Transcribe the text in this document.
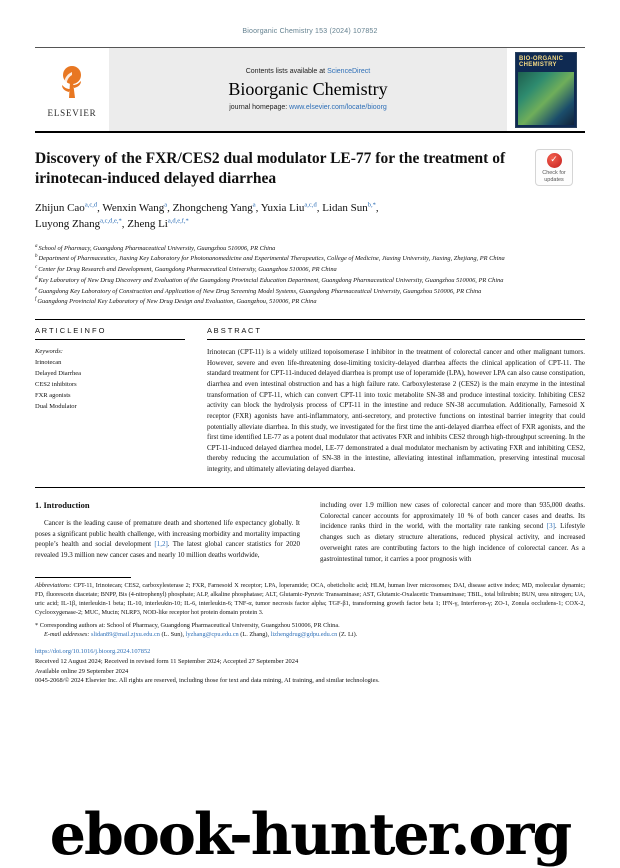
Bioorganic Chemistry 153 (2024) 107852
ELSEVIER
Contents lists available at ScienceDirect
Bioorganic Chemistry
journal homepage: www.elsevier.com/locate/bioorg
BIO-ORGANIC CHEMISTRY
Discovery of the FXR/CES2 dual modulator LE-77 for the treatment of irinotecan-induced delayed diarrhea
✓
Check for updates
Zhijun Cao$^{a,c,d}$, Wenxin Wang$^a$, Zhongcheng Yang$^a$, Yuxia Liu$^{a,c,d}$, Lidan Sun$^{b,*}$,
Luyong Zhang$^{a,c,d,e,*}$, Zheng Li$^{a,d,e,f,*}$
$^a$School of Pharmacy, Guangdong Pharmaceutical University, Guangzhou 510006, PR China
$^b$Department of Pharmaceutics, Jiaxing Key Laboratory for Photonanomedicine and Experimental Therapeutics, College of Medicine, Jiaxing University, Jiaxing, Zhejiang, PR China
$^c$Center for Drug Research and Development, Guangdong Pharmaceutical University, Guangzhou 510006, PR China
$^d$Key Laboratory of New Drug Discovery and Evaluation of the Guangdong Provincial Education Department, Guangdong Pharmaceutical University, Guangzhou 510006, PR China
$^e$Guangdong Key Laboratory of Construction and Application of New Drug Screening Model Systems, Guangdong Pharmaceutical University, Guangzhou 510006, PR China
$^f$Guangdong Provincial Key Laboratory of New Drug Design and Evaluation, Guangzhou, 510006, PR China
A R T I C L E I N F O
Keywords:
Irinotecan
Delayed Diarrhea
CES2 inhibitors
FXR agonists
Dual Modulator
A B S T R A C T

Irinotecan (CPT-11) is a widely utilized topoisomerase I inhibitor in the treatment of colorectal cancer and other malignant tumors. However, severe and even life-threatening dose-limiting toxicity-delayed diarrhea affects the clinical application of CPT-11. The standard treatment for CPT-11-induced delayed diarrhea is prompt use of loperamide (LPA), however LPA can also cause constipation, diarrhea and even intestinal obstruction and has a high failure rate. Carboxylesterase 2 (CES2) is the main enzyme in the intestinal transformation of CPT-11, which can convert CPT-11 into toxic metabolite SN-38 and produce intestinal toxicity. Inhibiting CES2 activity can block the hydrolysis process of CPT-11 in the intestine and reduce SN-38 accumulation. Additionally, Farnesoid X receptor (FXR) agonists have anti-inflammatory, anti-secretory, and protective functions on intestinal barrier integrity that could potentially alleviate diarrhea. In this study, we investigated for the first time the anti-delayed diarrhea effect of FXR agonists, and the first time identified LE-77 as a potent dual modulator that activates FXR and inhibits CES2 through high-throughput screening. In the CPT-11-induced delayed diarrhea model, LE-77 demonstrated a dual modulator mechanism by activating FXR and inhibiting CES2, thereby reducing the accumulation of SN-38 in the intestine, alleviating intestinal inflammation, preserving intestinal mucosal integrity, and ultimately alleviating delayed diarrhea.

1. Introduction

Cancer is the leading cause of premature death and shortened life expectancy globally. It poses a significant public health challenge, with increasing morbidity and mortality impacting people’s health and social development [1,2]. The latest global cancer statistics for 2020 revealed 19.3 million new cancer cases and nearly 10 million deaths worldwide,

including over 1.9 million new cases of colorectal cancer and more than 935,000 deaths. Colorectal cancer accounts for approximately 10 % of both cancer cases and deaths. Its incidence ranks third in the world, with the mortality rate ranking second [3]. Lifestyle changes such as dietary structure alterations, reduced physical activity, and increased overweight rates are contributing factors to the high incidence of colorectal cancer. As a gastrointestinal tumor, it carries a poor prognosis with

Abbreviations: CPT-11, Irinotecan; CES2, carboxylesterase 2; FXR, Farnesoid X receptor; LPA, loperamide; OCA, obeticholic acid; HLM, human liver microsomes; DAI, disease active index; MD, molecular dynamic; FD, fluorescein diacetate; BNPP, Bis (4-nitrophenyl) phosphate; ALP, alkaline phosphatase; ALT, Glutamic-Pyruvic Transaminase; AST, Glutamic-Oxalacetic Transaminase; TBIL, total bilirubin; BUN, urea nitrogen; UA, uric acid; IL-1β, interleukin-1 beta; IL-10, interleukin-10; IL-6, interleukin-6; TNF-α, tumor necrosis factor alpha; TGF-β1, transforming growth factor beta 1; IFN-γ, Interferon-γ; ZO-1, Zonula occludens-1; COX-2, Cyclooxygenase-2; MUC, Mucin; NLRP3, NOD-like receptor hot protein domain protein 3.

* Corresponding authors at: School of Pharmacy, Guangdong Pharmaceutical University, Guangzhou 510006, PR China.

E-mail addresses: slidan89@mail.zjxu.edu.cn (L. Sun), lyzhang@cpu.edu.cn (L. Zhang), lizhengdrug@gdpu.edu.cn (Z. Li).

https://doi.org/10.1016/j.bioorg.2024.107852
Received 12 August 2024; Received in revised form 11 September 2024; Accepted 27 September 2024
Available online 29 September 2024
0045-2068/© 2024 Elsevier Inc. All rights are reserved, including those for text and data mining, AI training, and similar technologies.
ebook-hunter.org
